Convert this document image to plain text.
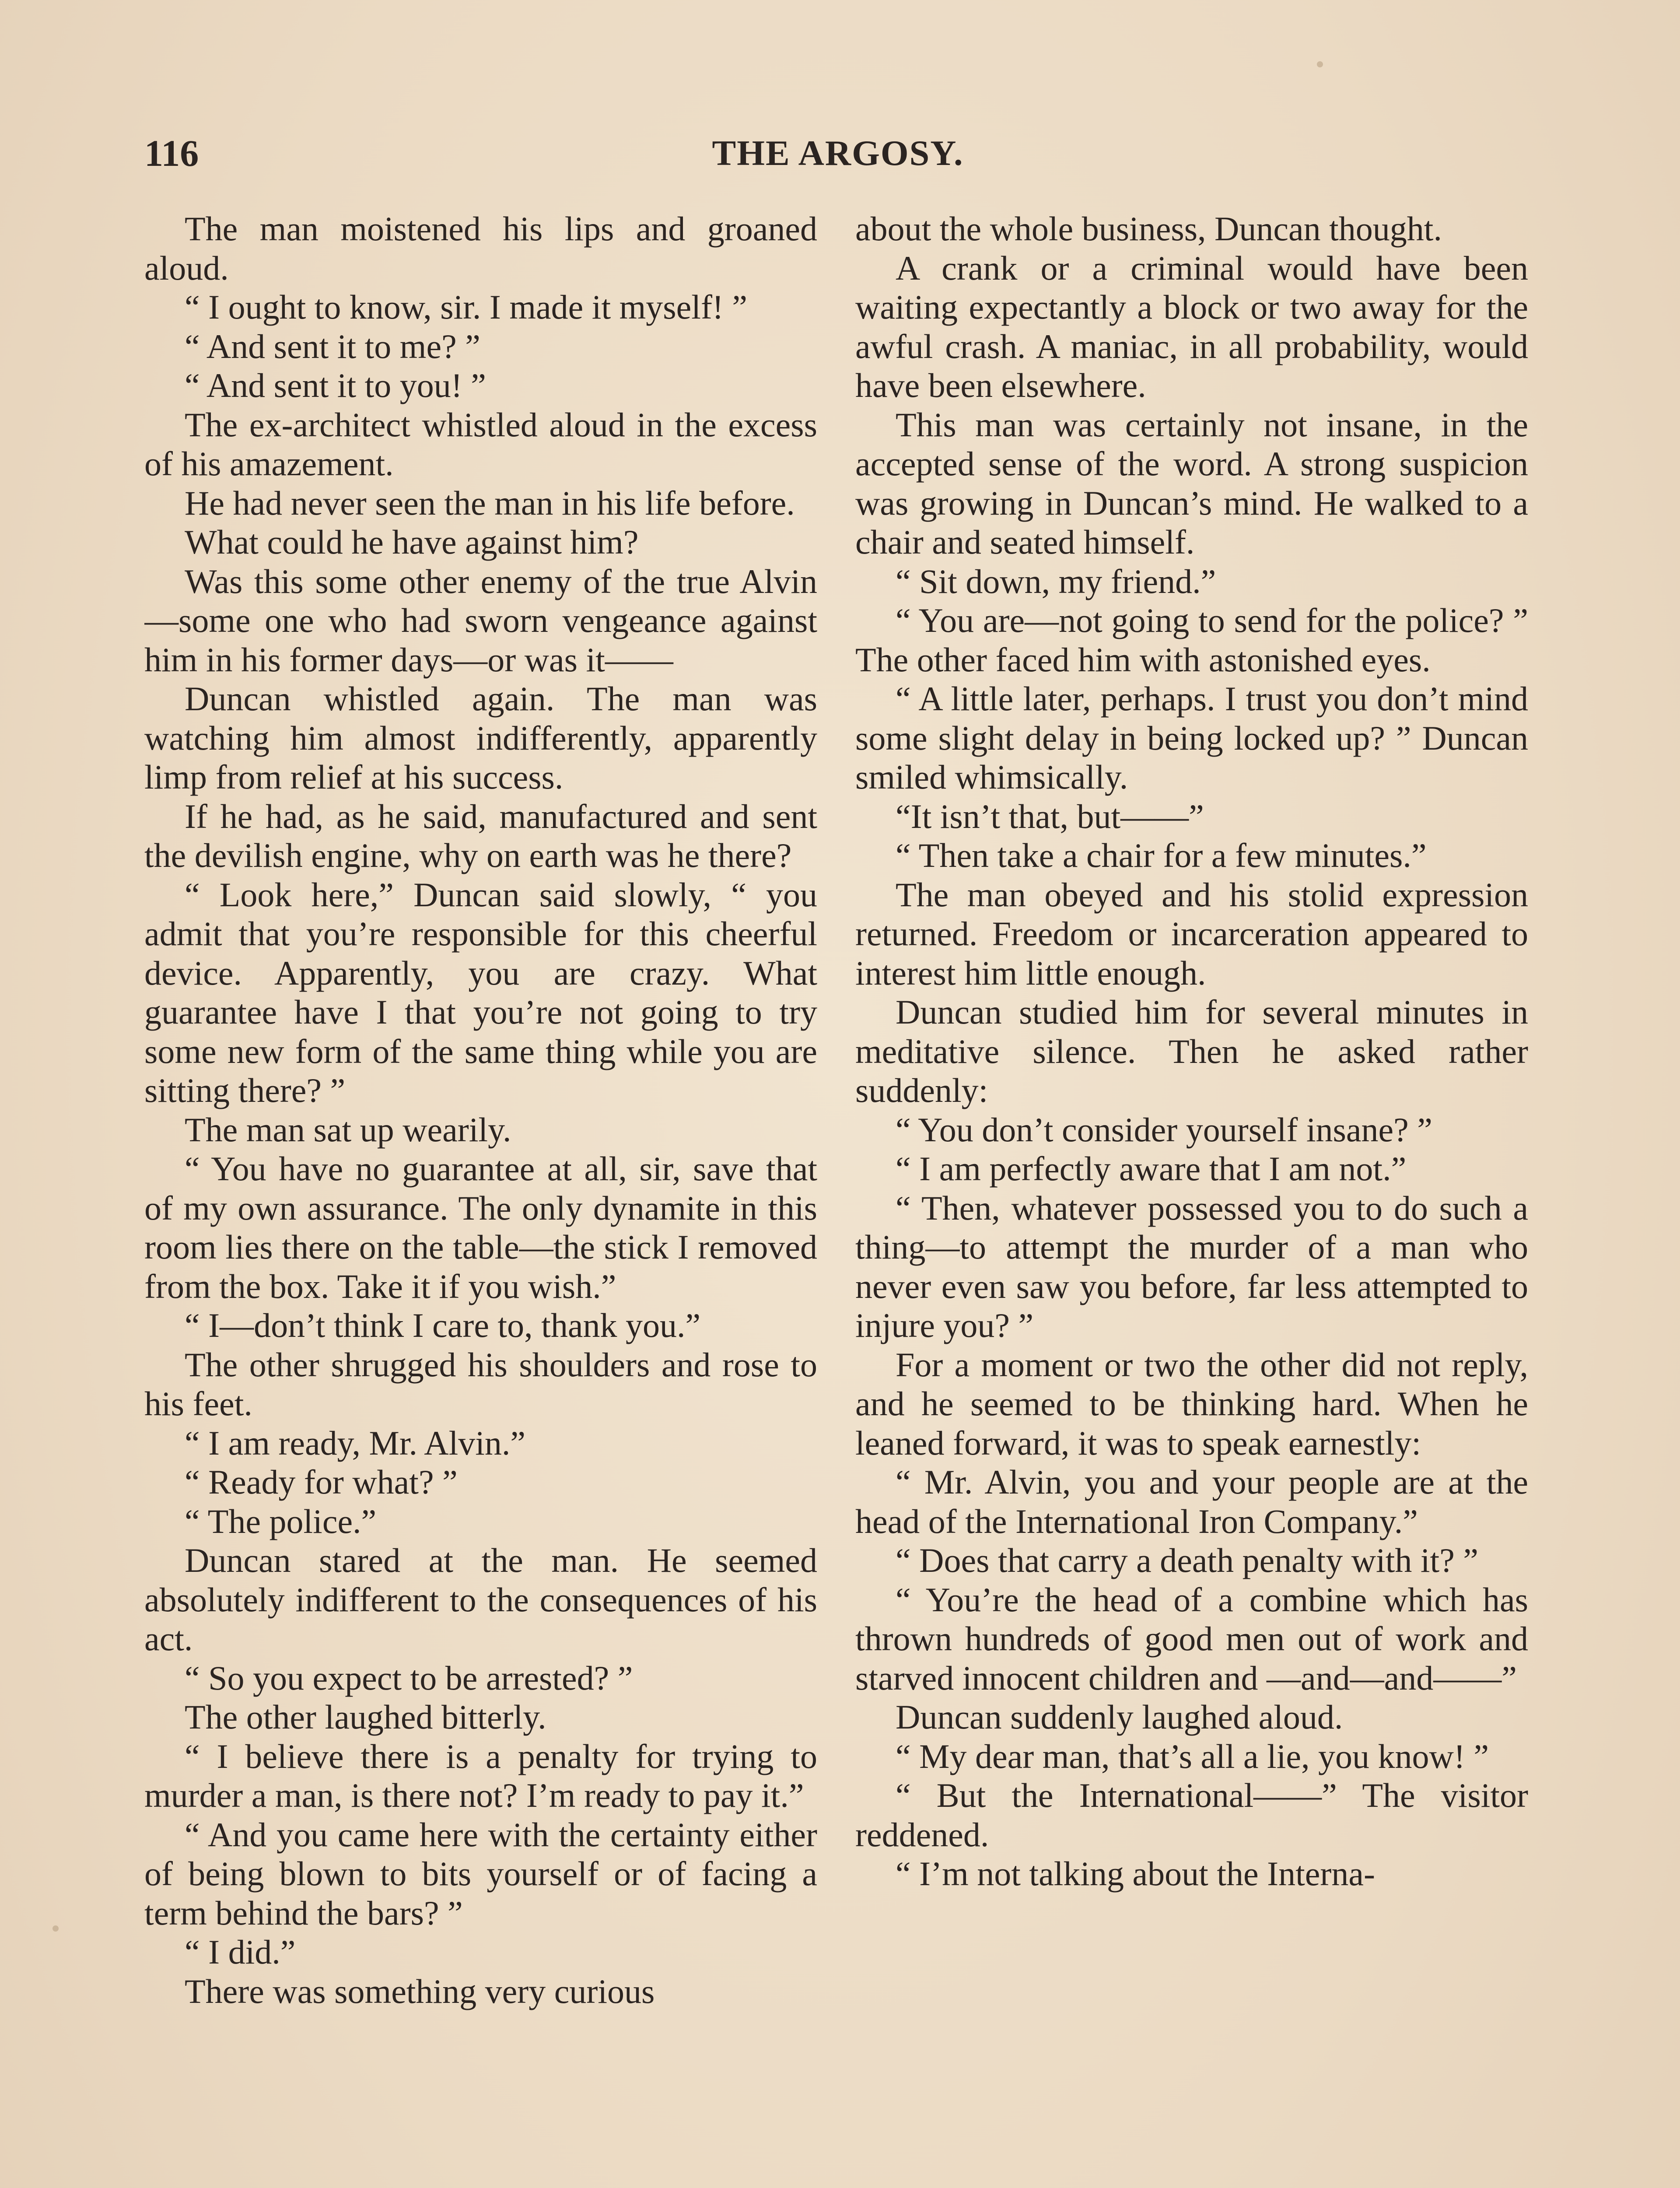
116	THE ARGOSY.

The man moistened his lips and groaned aloud.

“ I ought to know, sir. I made it myself! ”

“ And sent it to me? ”

“ And sent it to you! ”

The ex-architect whistled aloud in the excess of his amazement.

He had never seen the man in his life before.

What could he have against him?

Was this some other enemy of the true Alvin—some one who had sworn vengeance against him in his former days—or was it——

Duncan whistled again. The man was watching him almost indifferently, apparently limp from relief at his success.

If he had, as he said, manufactured and sent the devilish engine, why on earth was he there?

“ Look here,” Duncan said slowly, “ you admit that you’re responsible for this cheerful device. Apparently, you are crazy. What guarantee have I that you’re not going to try some new form of the same thing while you are sitting there? ”

The man sat up wearily.

“ You have no guarantee at all, sir, save that of my own assurance. The only dynamite in this room lies there on the table—the stick I removed from the box. Take it if you wish.”

“ I—don’t think I care to, thank you.”

The other shrugged his shoulders and rose to his feet.

“ I am ready, Mr. Alvin.”

“ Ready for what? ”

“ The police.”

Duncan stared at the man. He seemed absolutely indifferent to the consequences of his act.

“ So you expect to be arrested? ”

The other laughed bitterly.

“ I believe there is a penalty for trying to murder a man, is there not? I’m ready to pay it.”

“ And you came here with the certainty either of being blown to bits yourself or of facing a term behind the bars? ”

“ I did.”

There was something very curious

about the whole business, Duncan thought.

A crank or a criminal would have been waiting expectantly a block or two away for the awful crash. A maniac, in all probability, would have been elsewhere.

This man was certainly not insane, in the accepted sense of the word. A strong suspicion was growing in Duncan’s mind. He walked to a chair and seated himself.

“ Sit down, my friend.”

“ You are—not going to send for the police? ” The other faced him with astonished eyes.

“ A little later, perhaps. I trust you don’t mind some slight delay in being locked up? ” Duncan smiled whimsically.

“It isn’t that, but——”

“ Then take a chair for a few minutes.”

The man obeyed and his stolid expression returned. Freedom or incarceration appeared to interest him little enough.

Duncan studied him for several minutes in meditative silence. Then he asked rather suddenly:

“ You don’t consider yourself insane? ”

“ I am perfectly aware that I am not.”

“ Then, whatever possessed you to do such a thing—to attempt the murder of a man who never even saw you before, far less attempted to injure you? ”

For a moment or two the other did not reply, and he seemed to be thinking hard. When he leaned forward, it was to speak earnestly:

“ Mr. Alvin, you and your people are at the head of the International Iron Company.”

“ Does that carry a death penalty with it? ”

“ You’re the head of a combine which has thrown hundreds of good men out of work and starved innocent children and —and—and——”

Duncan suddenly laughed aloud.

“ My dear man, that’s all a lie, you know! ”

“ But the International——” The visitor reddened.

“ I’m not talking about the Interna-
